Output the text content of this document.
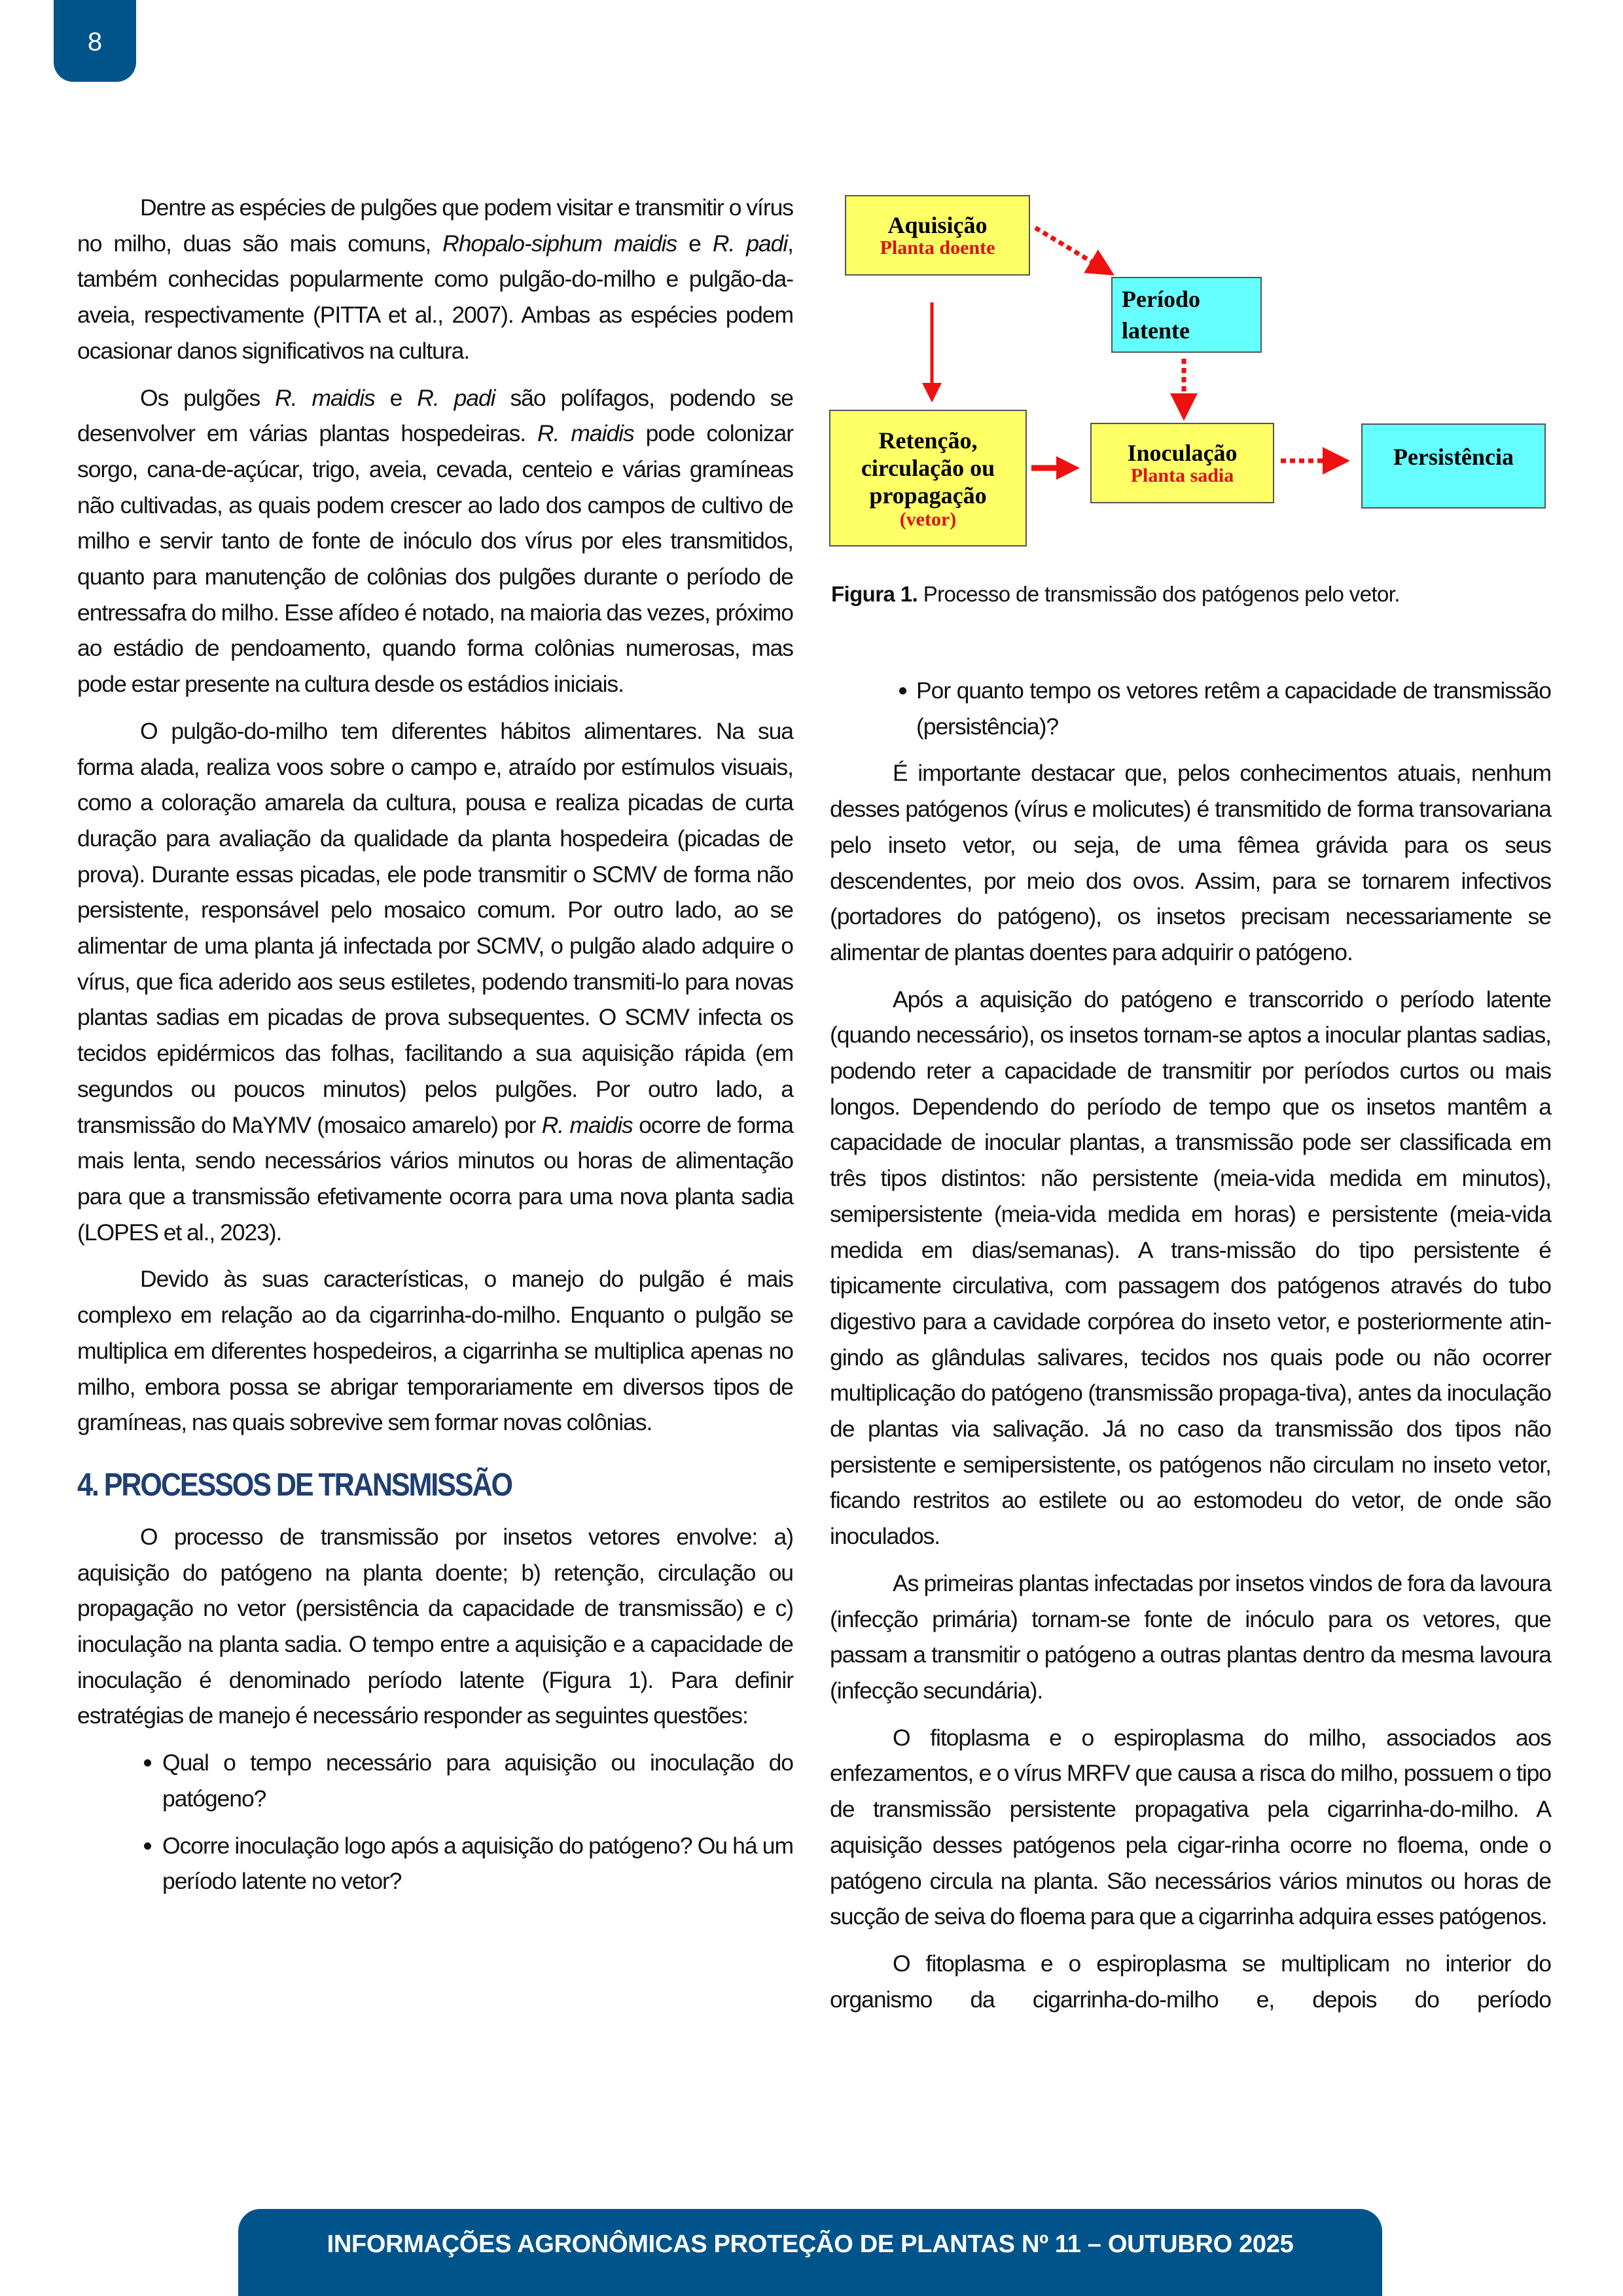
8

Dentre as espécies de pulgões que podem visitar e transmitir o vírus no milho, duas são mais comuns, Rhopalo-siphum maidis e R. padi, também conhecidas popularmente como pulgão-do-milho e pulgão-da-aveia, respectivamente (PITTA et al., 2007). Ambas as espécies podem ocasionar danos significativos na cultura.

Os pulgões R. maidis e R. padi são polífagos, podendo se desenvolver em várias plantas hospedeiras. R. maidis pode colonizar sorgo, cana-de-açúcar, trigo, aveia, cevada, centeio e várias gramíneas não cultivadas, as quais podem crescer ao lado dos campos de cultivo de milho e servir tanto de fonte de inóculo dos vírus por eles transmitidos, quanto para manutenção de colônias dos pulgões durante o período de entressafra do milho. Esse afídeo é notado, na maioria das vezes, próximo ao estádio de pendoamento, quando forma colônias numerosas, mas pode estar presente na cultura desde os estádios iniciais.

O pulgão-do-milho tem diferentes hábitos alimentares. Na sua forma alada, realiza voos sobre o campo e, atraído por estímulos visuais, como a coloração amarela da cultura, pousa e realiza picadas de curta duração para avaliação da qualidade da planta hospedeira (picadas de prova). Durante essas picadas, ele pode transmitir o SCMV de forma não persistente, responsável pelo mosaico comum. Por outro lado, ao se alimentar de uma planta já infectada por SCMV, o pulgão alado adquire o vírus, que fica aderido aos seus estiletes, podendo transmiti-lo para novas plantas sadias em picadas de prova subsequentes. O SCMV infecta os tecidos epidérmicos das folhas, facilitando a sua aquisição rápida (em segundos ou poucos minutos) pelos pulgões. Por outro lado, a transmissão do MaYMV (mosaico amarelo) por R. maidis ocorre de forma mais lenta, sendo necessários vários minutos ou horas de alimentação para que a transmissão efetivamente ocorra para uma nova planta sadia (LOPES et al., 2023).

Devido às suas características, o manejo do pulgão é mais complexo em relação ao da cigarrinha-do-milho. Enquanto o pulgão se multiplica em diferentes hospedeiros, a cigarrinha se multiplica apenas no milho, embora possa se abrigar temporariamente em diversos tipos de gramíneas, nas quais sobrevive sem formar novas colônias.

4. PROCESSOS DE TRANSMISSÃO

O processo de transmissão por insetos vetores envolve: a) aquisição do patógeno na planta doente; b) retenção, circulação ou propagação no vetor (persistência da capacidade de transmissão) e c) inoculação na planta sadia. O tempo entre a aquisição e a capacidade de inoculação é denominado período latente (Figura 1). Para definir estratégias de manejo é necessário responder as seguintes questões:

Qual o tempo necessário para aquisição ou inoculação do patógeno?
Ocorre inoculação logo após a aquisição do patógeno? Ou há um período latente no vetor?
Aquisição
Planta doente
Período latente
Retenção, circulação ou propagação
(vetor)
Inoculação
Planta sadia
Persistência
Figura 1. Processo de transmissão dos patógenos pelo vetor.
Por quanto tempo os vetores retêm a capacidade de transmissão (persistência)?

É importante destacar que, pelos conhecimentos atuais, nenhum desses patógenos (vírus e molicutes) é transmitido de forma transovariana pelo inseto vetor, ou seja, de uma fêmea grávida para os seus descendentes, por meio dos ovos. Assim, para se tornarem infectivos (portadores do patógeno), os insetos precisam necessariamente se alimentar de plantas doentes para adquirir o patógeno.

Após a aquisição do patógeno e transcorrido o período latente (quando necessário), os insetos tornam-se aptos a inocular plantas sadias, podendo reter a capacidade de transmitir por períodos curtos ou mais longos. Dependendo do período de tempo que os insetos mantêm a capacidade de inocular plantas, a transmissão pode ser classificada em três tipos distintos: não persistente (meia-vida medida em minutos), semipersistente (meia-vida medida em horas) e persistente (meia-vida medida em dias/semanas). A trans-missão do tipo persistente é tipicamente circulativa, com passagem dos patógenos através do tubo digestivo para a cavidade corpórea do inseto vetor, e posteriormente atin-gindo as glândulas salivares, tecidos nos quais pode ou não ocorrer multiplicação do patógeno (transmissão propaga-tiva), antes da inoculação de plantas via salivação. Já no caso da transmissão dos tipos não persistente e semipersistente, os patógenos não circulam no inseto vetor, ficando restritos ao estilete ou ao estomodeu do vetor, de onde são inoculados.

As primeiras plantas infectadas por insetos vindos de fora da lavoura (infecção primária) tornam-se fonte de inóculo para os vetores, que passam a transmitir o patógeno a outras plantas dentro da mesma lavoura (infecção secundária).

O fitoplasma e o espiroplasma do milho, associados aos enfezamentos, e o vírus MRFV que causa a risca do milho, possuem o tipo de transmissão persistente propagativa pela cigarrinha-do-milho. A aquisição desses patógenos pela cigar-rinha ocorre no floema, onde o patógeno circula na planta. São necessários vários minutos ou horas de sucção de seiva do floema para que a cigarrinha adquira esses patógenos.

O fitoplasma e o espiroplasma se multiplicam no interior do organismo da cigarrinha-do-milho e, depois do período

INFORMAÇÕES AGRONÔMICAS PROTEÇÃO DE PLANTAS Nº 11 – OUTUBRO 2025
